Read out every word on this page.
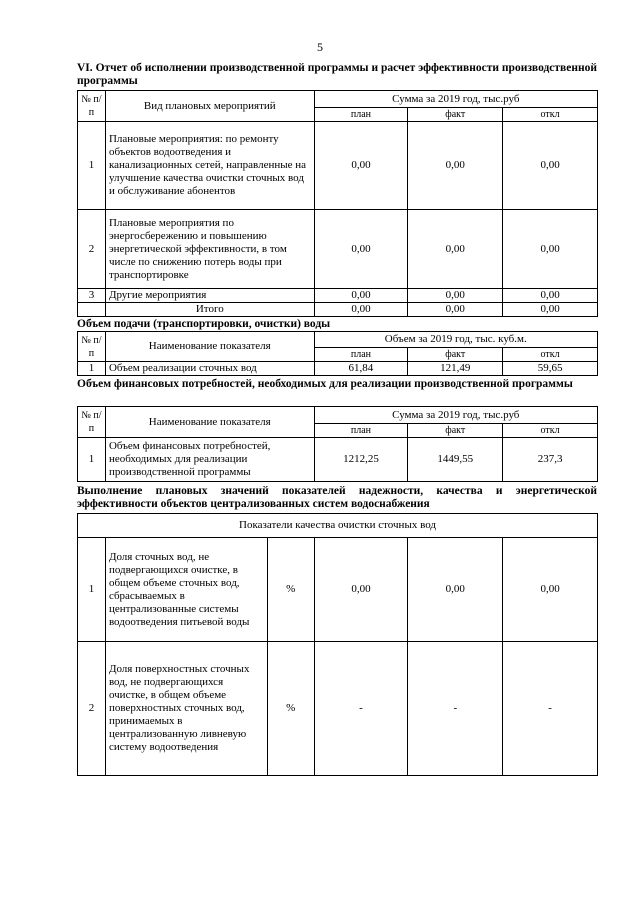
5
VI. Отчет об исполнении производственной программы и расчет эффективности производственной программы
№ п/п	Вид плановых мероприятий	Сумма за 2019 год, тыс.руб		
		план	факт	откл
1	Плановые мероприятия: по ремонту объектов водоотведения и канализационных сетей, направленные на улучшение качества очистки сточных вод и обслуживание абонентов	0,00	0,00	0,00
2	Плановые мероприятия по энергосбережению и повышению энергетической эффективности, в том числе по снижению потерь воды при транспортировке	0,00	0,00	0,00
3	Другие мероприятия	0,00	0,00	0,00
	Итого	0,00	0,00	0,00
Объем подачи (транспортировки, очистки) воды
№ п/п	Наименование показателя	Объем за 2019 год, тыс. куб.м.		
		план	факт	откл
1	Объем реализации сточных вод	61,84	121,49	59,65
Объем финансовых потребностей, необходимых для реализации производственной программы
№ п/п	Наименование показателя	Сумма за 2019 год, тыс.руб		
		план	факт	откл
1	Объем финансовых потребностей, необходимых для реализации производственной программы	1212,25	1449,55	237,3
Выполнение плановых значений показателей надежности, качества и энергетической эффективности объектов централизованных систем водоснабжения
Показатели качества очистки сточных вод					
1	Доля сточных вод, не подвергающихся очистке, в общем объеме сточных вод, сбрасываемых в централизованные системы водоотведения питьевой воды	%	0,00	0,00	0,00
2	Доля поверхностных сточных вод, не подвергающихся очистке, в общем объеме поверхностных сточных вод, принимаемых в централизованную ливневую систему водоотведения	%	-	-	-
